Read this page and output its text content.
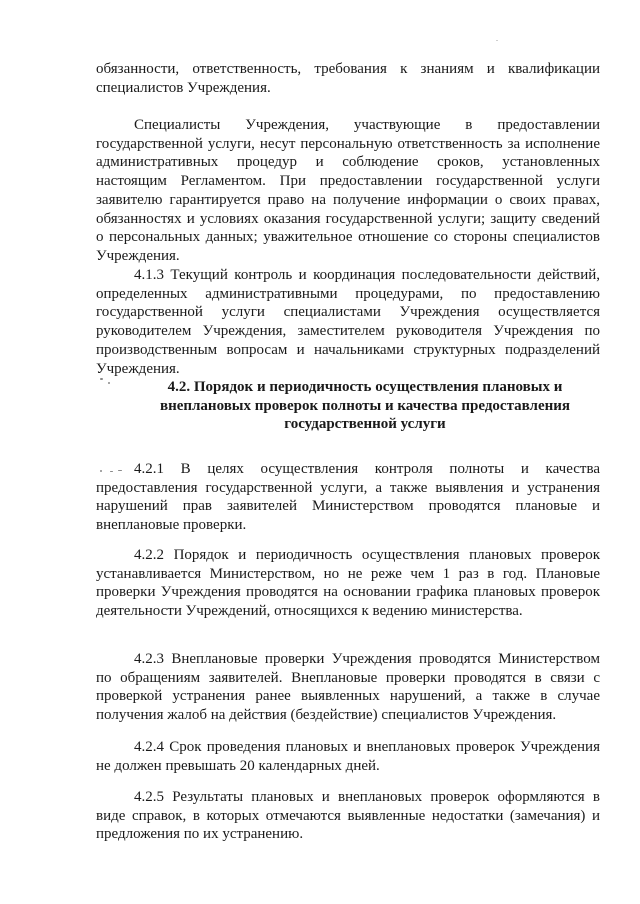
обязанности, ответственность, требования к знаниям и квалификации специалистов Учреждения.

Специалисты Учреждения, участвующие в предоставлении государственной услуги, несут персональную ответственность за исполнение административных процедур и соблюдение сроков, установленных настоящим Регламентом. При предоставлении государственной услуги заявителю гарантируется право на получение информации о своих правах, обязанностях и условиях оказания государственной услуги; защиту сведений о персональных данных; уважительное отношение со стороны специалистов Учреждения.

4.1.3 Текущий контроль и координация последовательности действий, определенных административными процедурами, по предоставлению государственной услуги специалистами Учреждения осуществляется руководителем Учреждения, заместителем руководителя Учреждения по производственным вопросам и начальниками структурных подразделений Учреждения.

4.2. Порядок и периодичность осуществления плановых и внеплановых проверок полноты и качества предоставления государственной услуги

4.2.1 В целях осуществления контроля полноты и качества предоставления государственной услуги, а также выявления и устранения нарушений прав заявителей Министерством проводятся плановые и внеплановые проверки.

4.2.2 Порядок и периодичность осуществления плановых проверок устанавливается Министерством, но не реже чем 1 раз в год. Плановые проверки Учреждения проводятся на основании графика плановых проверок деятельности Учреждений, относящихся к ведению министерства.

4.2.3 Внеплановые проверки Учреждения проводятся Министерством по обращениям заявителей. Внеплановые проверки проводятся в связи с проверкой устранения ранее выявленных нарушений, а также в случае получения жалоб на действия (бездействие) специалистов Учреждения.

4.2.4 Срок проведения плановых и внеплановых проверок Учреждения не должен превышать 20 календарных дней.

4.2.5 Результаты плановых и внеплановых проверок оформляются в виде справок, в которых отмечаются выявленные недостатки (замечания) и предложения по их устранению.
